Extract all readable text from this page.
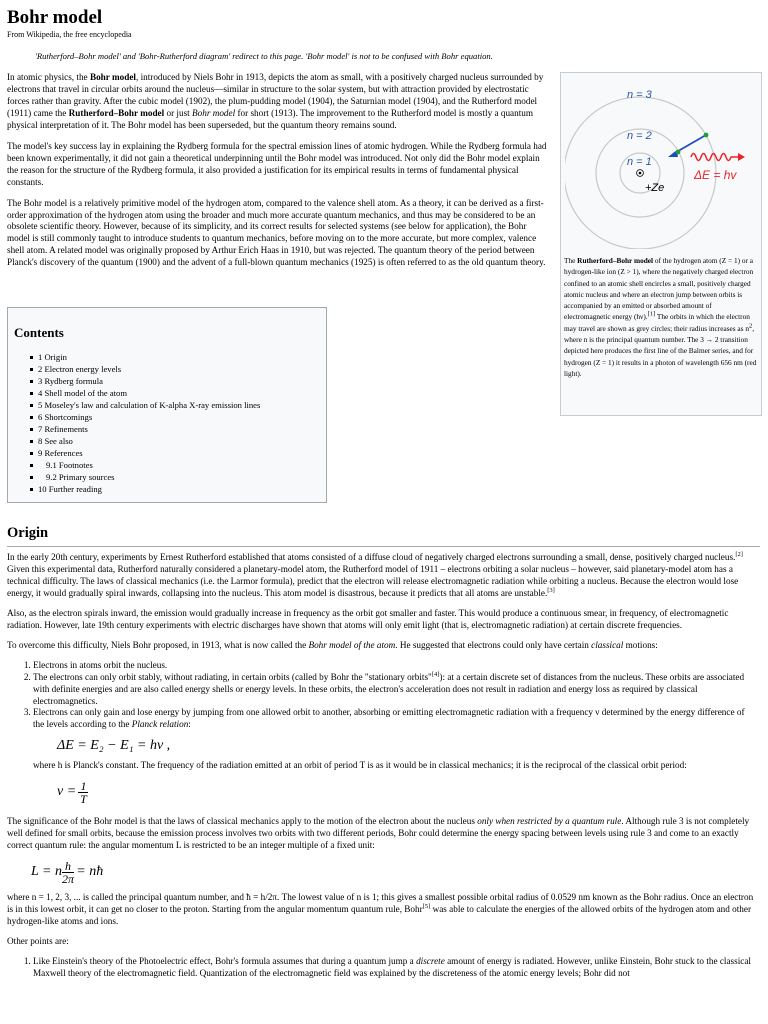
Bohr model
From Wikipedia, the free encyclopedia
'Rutherford–Bohr model' and 'Bohr-Rutherford diagram' redirect to this page. 'Bohr model' is not to be confused with Bohr equation.

In atomic physics, the Bohr model, introduced by Niels Bohr in 1913, depicts the atom as small, with a positively charged nucleus surrounded by electrons that travel in circular orbits around the nucleus—similar in structure to the solar system, but with attraction provided by electrostatic forces rather than gravity. After the cubic model (1902), the plum-pudding model (1904), the Saturnian model (1904), and the Rutherford model (1911) came the Rutherford–Bohr model or just Bohr model for short (1913). The improvement to the Rutherford model is mostly a quantum physical interpretation of it. The Bohr model has been superseded, but the quantum theory remains sound.

The model's key success lay in explaining the Rydberg formula for the spectral emission lines of atomic hydrogen. While the Rydberg formula had been known experimentally, it did not gain a theoretical underpinning until the Bohr model was introduced. Not only did the Bohr model explain the reason for the structure of the Rydberg formula, it also provided a justification for its empirical results in terms of fundamental physical constants.

The Bohr model is a relatively primitive model of the hydrogen atom, compared to the valence shell atom. As a theory, it can be derived as a first-order approximation of the hydrogen atom using the broader and much more accurate quantum mechanics, and thus may be considered to be an obsolete scientific theory. However, because of its simplicity, and its correct results for selected systems (see below for application), the Bohr model is still commonly taught to introduce students to quantum mechanics, before moving on to the more accurate, but more complex, valence shell atom. A related model was originally proposed by Arthur Erich Haas in 1910, but was rejected. The quantum theory of the period between Planck's discovery of the quantum (1900) and the advent of a full-blown quantum mechanics (1925) is often referred to as the old quantum theory.

n = 3
n = 2
n = 1
+Ze
ΔE = hv
The Rutherford–Bohr model of the hydrogen atom (Z = 1) or a hydrogen-like ion (Z > 1), where the negatively charged electron confined to an atomic shell encircles a small, positively charged atomic nucleus and where an electron jump between orbits is accompanied by an emitted or absorbed amount of electromagnetic energy (hν).[1] The orbits in which the electron may travel are shown as grey circles; their radius increases as $n^2$, where n is the principal quantum number. The 3 → 2 transition depicted here produces the first line of the Balmer series, and for hydrogen (Z = 1) it results in a photon of wavelength 656 nm (red light).
Contents
1 Origin
2 Electron energy levels
3 Rydberg formula
4 Shell model of the atom
5 Moseley's law and calculation of K-alpha X-ray emission lines
6 Shortcomings
7 Refinements
8 See also
9 References
9.1 Footnotes
9.2 Primary sources
10 Further reading
Origin

In the early 20th century, experiments by Ernest Rutherford established that atoms consisted of a diffuse cloud of negatively charged electrons surrounding a small, dense, positively charged nucleus.[2] Given this experimental data, Rutherford naturally considered a planetary-model atom, the Rutherford model of 1911 – electrons orbiting a solar nucleus – however, said planetary-model atom has a technical difficulty. The laws of classical mechanics (i.e. the Larmor formula), predict that the electron will release electromagnetic radiation while orbiting a nucleus. Because the electron would lose energy, it would gradually spiral inwards, collapsing into the nucleus. This atom model is disastrous, because it predicts that all atoms are unstable.[3]

Also, as the electron spirals inward, the emission would gradually increase in frequency as the orbit got smaller and faster. This would produce a continuous smear, in frequency, of electromagnetic radiation. However, late 19th century experiments with electric discharges have shown that atoms will only emit light (that is, electromagnetic radiation) at certain discrete frequencies.

To overcome this difficulty, Niels Bohr proposed, in 1913, what is now called the Bohr model of the atom. He suggested that electrons could only have certain classical motions:

1. Electrons in atoms orbit the nucleus.
2. The electrons can only orbit stably, without radiating, in certain orbits (called by Bohr the "stationary orbits"[4]): at a certain discrete set of distances from the nucleus. These orbits are associated with definite energies and are also called energy shells or energy levels. In these orbits, the electron's acceleration does not result in radiation and energy loss as required by classical electromagnetics.
3. Electrons can only gain and lose energy by jumping from one allowed orbit to another, absorbing or emitting electromagnetic radiation with a frequency ν determined by the energy difference of the levels according to the Planck relation:
ΔE = E₂ − E₁ = hν ,
where h is Planck's constant. The frequency of the radiation emitted at an orbit of period T is as it would be in classical mechanics; it is the reciprocal of the classical orbit period:
$\nu = \frac{1}{T}$

The significance of the Bohr model is that the laws of classical mechanics apply to the motion of the electron about the nucleus only when restricted by a quantum rule. Although rule 3 is not completely well defined for small orbits, because the emission process involves two orbits with two different periods, Bohr could determine the energy spacing between levels using rule 3 and come to an exactly correct quantum rule: the angular momentum L is restricted to be an integer multiple of a fixed unit:

L = n $\frac{h}{2\pi}$ = nħ

where n = 1, 2, 3, ... is called the principal quantum number, and ħ = h/2π. The lowest value of n is 1; this gives a smallest possible orbital radius of 0.0529 nm known as the Bohr radius. Once an electron is in this lowest orbit, it can get no closer to the proton. Starting from the angular momentum quantum rule, Bohr[5] was able to calculate the energies of the allowed orbits of the hydrogen atom and other hydrogen-like atoms and ions.

Other points are:

1. Like Einstein's theory of the Photoelectric effect, Bohr's formula assumes that during a quantum jump a discrete amount of energy is radiated. However, unlike Einstein, Bohr stuck to the classical Maxwell theory of the electromagnetic field. Quantization of the electromagnetic field was explained by the discreteness of the atomic energy levels; Bohr did not
